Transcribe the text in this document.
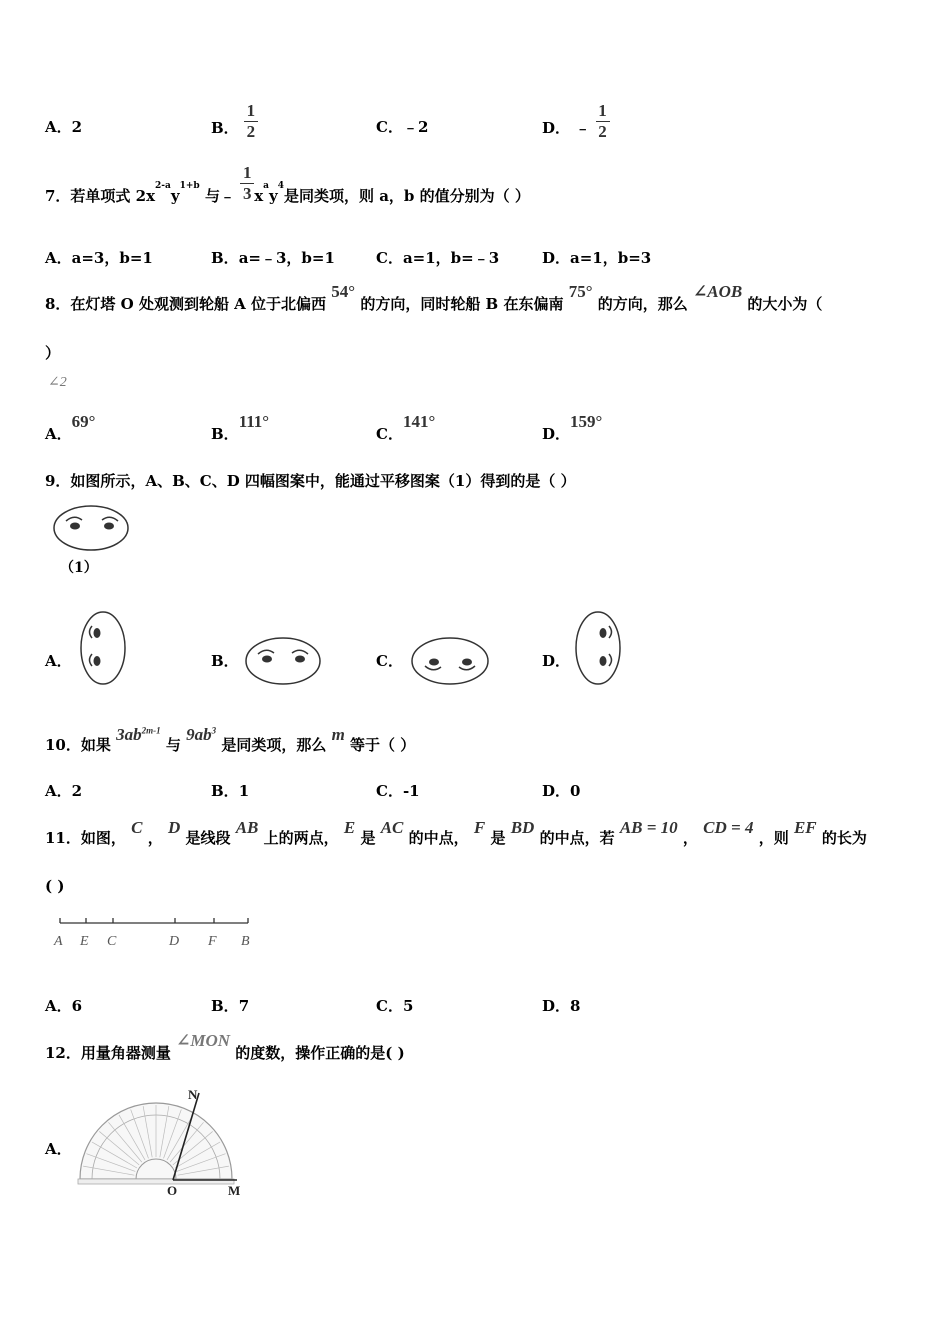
A．2	B． $\frac{1}{2}$	C．﹣2	D． ﹣ $\frac{1}{2}$
7．若单项式 $2x^{2-a}y^{1+b}$ 与﹣ $\frac{1}{3} x^ay^4$是同类项，则 a，b 的值分别为（ ）
A．a=3，b=1	B．a=﹣3，b=1	C．a=1，b=﹣3	D．a=1，b=3
8．在灯塔 O 处观测到轮船 A 位于北偏西 54° 的方向，同时轮船 B 在东偏南 75° 的方向，那么 ∠AOB 的大小为（
）
∠2
A．69°
B．111°
C．141°
D．159°
9．如图所示，A、B、C、D 四幅图案中，能通过平移图案（1）得到的是（ ）
（1）
A．	B．	C．	D．
10．如果 $3ab^{2m-1}$ 与 $9ab^3$ 是同类项，那么 m 等于（ ）
A．2	B．1	C．-1	D．0
11．如图， C ， D 是线段 AB 上的两点， E 是 AC 的中点， F 是 BD 的中点，若 AB = 10 ， CD = 4 ，则 EF 的长为
( )
A E C	D F B
A．6	B．7	C．5	D．8
12．用量角器测量 ∠MON 的度数，操作正确的是( )
A．
N
O	M
